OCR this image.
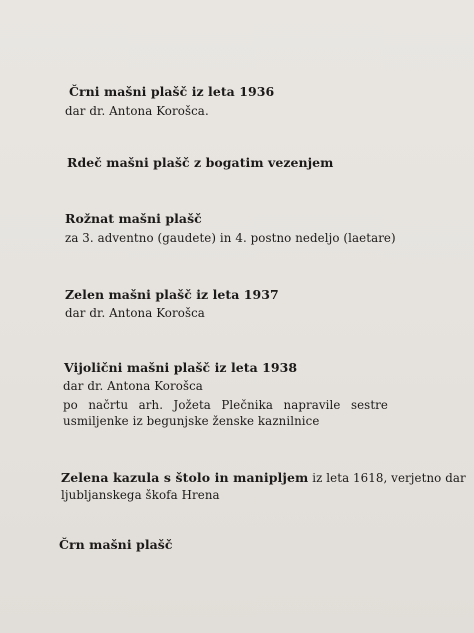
Črni mašni plašč iz leta 1936
dar dr. Antona Korošca.
Rdeč mašni plašč z bogatim vezenjem
Rožnat mašni plašč
za 3. adventno (gaudete) in 4. postno nedeljo (laetare)
Zelen mašni plašč iz leta 1937
dar dr. Antona Korošca
Vijolični mašni plašč iz leta 1938
dar dr. Antona Korošca
po načrtu arh. Jožeta Plečnika napravile sestre usmiljenke iz begunjske ženske kaznilnice
Zelena kazula s štolo in manipljem iz leta 1618, verjetno dar
ljubljanskega škofa Hrena
Črn mašni plašč
